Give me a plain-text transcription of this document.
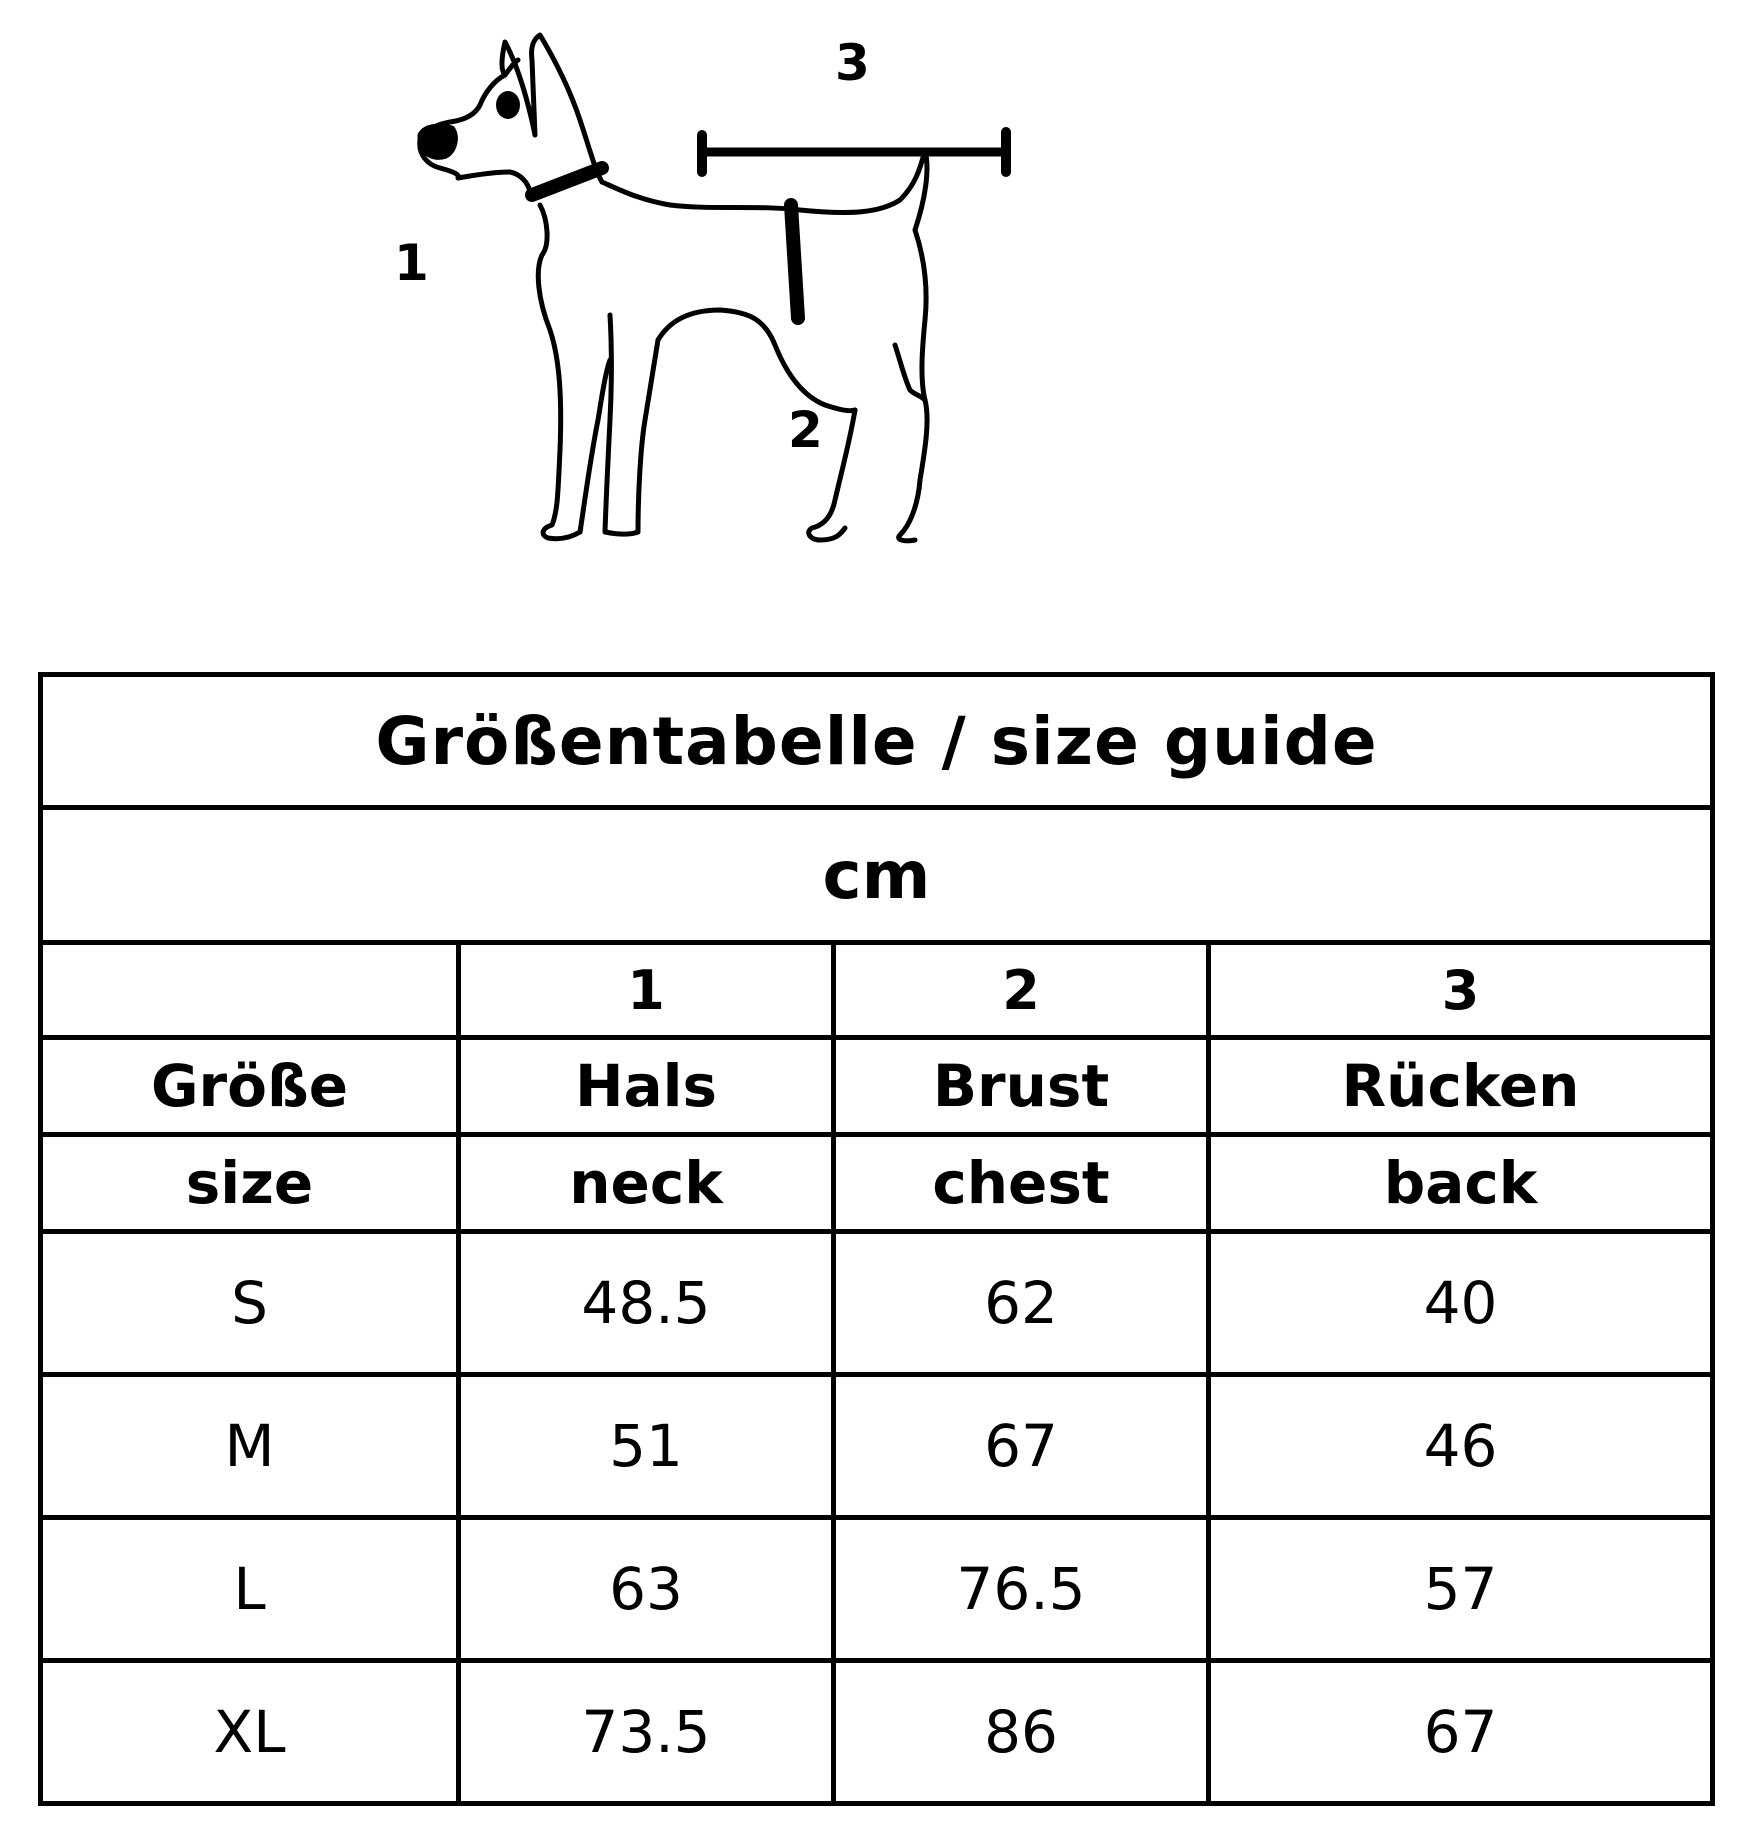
3
1
2
Größentabelle / size guide			
cm			
	1	2	3
Größe	Hals	Brust	Rücken
size	neck	chest	back
S	48.5	62	40
M	51	67	46
L	63	76.5	57
XL	73.5	86	67
